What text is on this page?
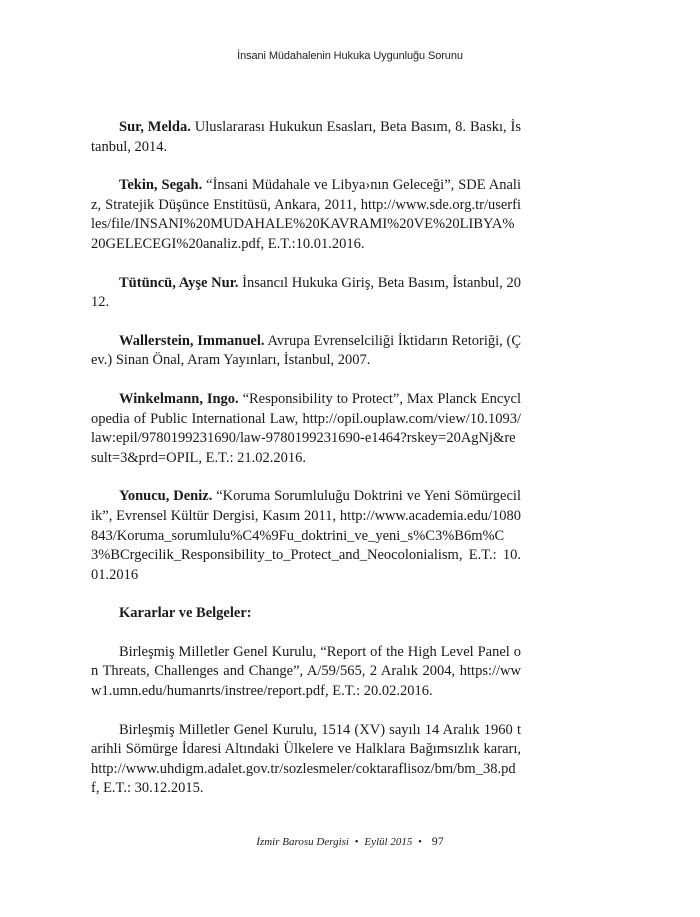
İnsani Müdahalenin Hukuka Uygunluğu Sorunu

Sur, Melda. Uluslararası Hukukun Esasları, Beta Basım, 8. Baskı, İstanbul, 2014.

Tekin, Segah. “İnsani Müdahale ve Libya›nın Geleceği”, SDE Analiz, Stratejik Düşünce Enstitüsü, Ankara, 2011, http://www.sde.org.tr/userfiles/file/INSANI%20MUDAHALE%20KAVRAMI%20VE%20LIBYA%20GELECEGI%20analiz.pdf, E.T.:10.01.2016.

Tütüncü, Ayşe Nur. İnsancıl Hukuka Giriş, Beta Basım, İstanbul, 2012.

Wallerstein, Immanuel. Avrupa Evrenselciliği İktidarın Retoriği, (Çev.) Sinan Önal, Aram Yayınları, İstanbul, 2007.

Winkelmann, Ingo. “Responsibility to Protect”, Max Planck Encyclopedia of Public International Law, http://opil.ouplaw.com/view/10.1093/law:epil/9780199231690/law-9780199231690-e1464?rskey=20AgNj&result=3&prd=OPIL, E.T.: 21.02.2016.

Yonucu, Deniz. “Koruma Sorumluluğu Doktrini ve Yeni Sömürgecilik”, Evrensel Kültür Dergisi, Kasım 2011, http://www.academia.edu/1080843/Koruma_sorumlulu%C4%9Fu_doktrini_ve_yeni_s%C3%B6m%C3%BCrgecilik_Responsibility_to_Protect_and_Neocolonialism, E.T.: 10.01.2016

Kararlar ve Belgeler:

Birleşmiş Milletler Genel Kurulu, “Report of the High Level Panel on Threats, Challenges and Change”, A/59/565, 2 Aralık 2004, https://www1.umn.edu/humanrts/instree/report.pdf, E.T.: 20.02.2016.

Birleşmiş Milletler Genel Kurulu, 1514 (XV) sayılı 14 Aralık 1960 tarihli Sömürge İdaresi Altındaki Ülkelere ve Halklara Bağımsızlık kararı, http://www.uhdigm.adalet.gov.tr/sozlesmeler/coktaraflisoz/bm/bm_38.pdf, E.T.: 30.12.2015.

İzmir Barosu Dergisi • Eylül 2015 • 97
